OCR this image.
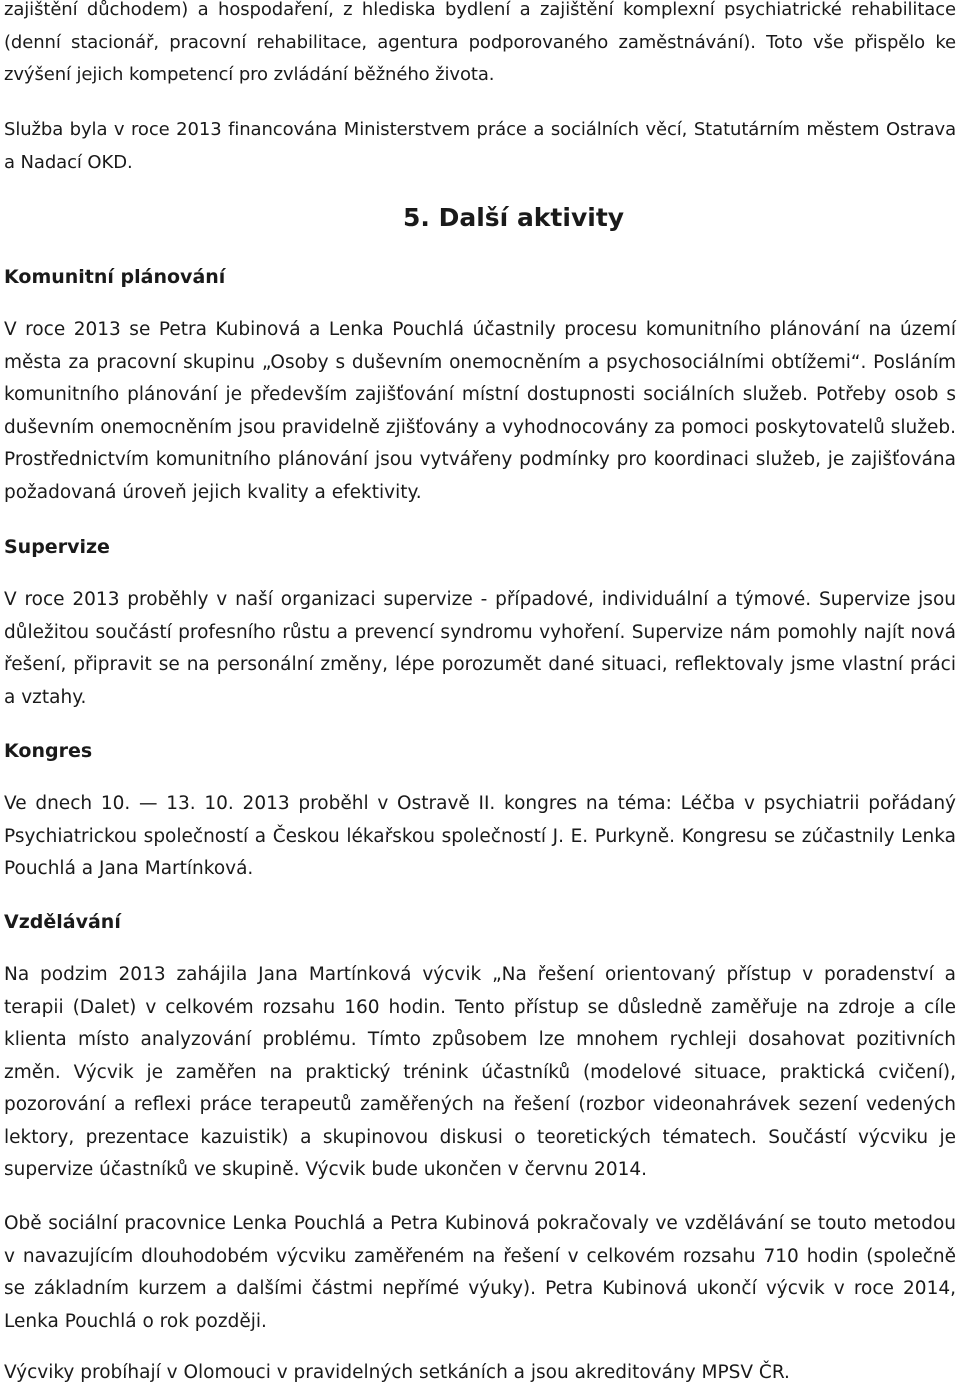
zajištění důchodem) a hospodaření, z hlediska bydlení a zajištění komplexní psychiatrické rehabilitace (denní stacionář, pracovní rehabilitace, agentura podporovaného zaměstnávání). Toto vše přispělo ke zvýšení jejich kompetencí pro zvládání běžného života.

Služba byla v roce 2013 financována Ministerstvem práce a sociálních věcí, Statutárním městem Ostrava a Nadací OKD.

5. Další aktivity
Komunitní plánování

V roce 2013 se Petra Kubinová a Lenka Pouchlá účastnily procesu komunitního plánování na území města za pracovní skupinu „Osoby s duševním onemocněním a psychosociálními obtížemi“. Posláním komunitního plánování je především zajišťování místní dostupnosti sociálních služeb. Potřeby osob s duševním onemocněním jsou pravidelně zjišťovány a vyhodnocovány za pomoci poskytovatelů služeb. Prostřednictvím komunitního plánování jsou vytvářeny podmínky pro koordinaci služeb, je zajišťována požadovaná úroveň jejich kvality a efektivity.

Supervize

V roce 2013 proběhly v naší organizaci supervize - případové, individuální a týmové. Supervize jsou důležitou součástí profesního růstu a prevencí syndromu vyhoření. Supervize nám pomohly najít nová řešení, připravit se na personální změny, lépe porozumět dané situaci, reflektovaly jsme vlastní práci a vztahy.

Kongres

Ve dnech 10. — 13. 10. 2013 proběhl v Ostravě II. kongres na téma: Léčba v psychiatrii pořádaný Psychiatrickou společností a Českou lékařskou společností J. E. Purkyně. Kongresu se zúčastnily Lenka Pouchlá a Jana Martínková.

Vzdělávání

Na podzim 2013 zahájila Jana Martínková výcvik „Na řešení orientovaný přístup v poradenství a terapii (Dalet) v celkovém rozsahu 160 hodin. Tento přístup se důsledně zaměřuje na zdroje a cíle klienta místo analyzování problému. Tímto způsobem lze mnohem rychleji dosahovat pozitivních změn. Výcvik je zaměřen na praktický trénink účastníků (modelové situace, praktická cvičení), pozorování a reflexi práce terapeutů zaměřených na řešení (rozbor videonahrávek sezení vedených lektory, prezentace kazuistik) a skupinovou diskusi o teoretických tématech. Součástí výcviku je supervize účastníků ve skupině. Výcvik bude ukončen v červnu 2014.

Obě sociální pracovnice Lenka Pouchlá a Petra Kubinová pokračovaly ve vzdělávání se touto metodou v navazujícím dlouhodobém výcviku zaměřeném na řešení v celkovém rozsahu 710 hodin (společně se základním kurzem a dalšími částmi nepřímé výuky). Petra Kubinová ukončí výcvik v roce 2014, Lenka Pouchlá o rok později.

Výcviky probíhají v Olomouci v pravidelných setkáních a jsou akreditovány MPSV ČR.
